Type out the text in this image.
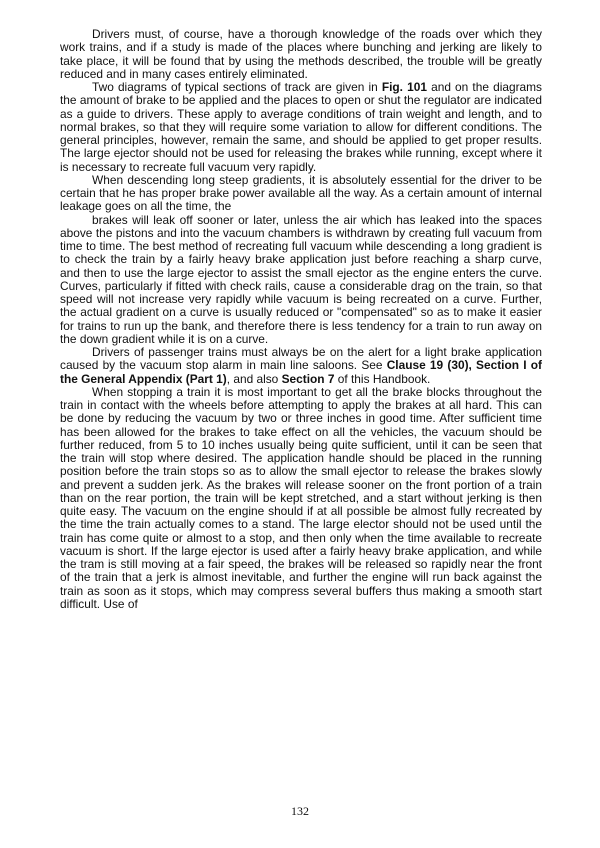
Drivers must, of course, have a thorough knowledge of the roads over which they work trains, and if a study is made of the places where bunching and jerking are likely to take place, it will be found that by using the methods described, the trouble will be greatly reduced and in many cases entirely eliminated.

Two diagrams of typical sections of track are given in Fig. 101 and on the diagrams the amount of brake to be applied and the places to open or shut the regulator are indicated as a guide to drivers. These apply to average conditions of train weight and length, and to normal brakes, so that they will require some variation to allow for different conditions. The general principles, however, remain the same, and should be applied to get proper results. The large ejector should not be used for releasing the brakes while running, except where it is necessary to recreate full vacuum very rapidly.

When descending long steep gradients, it is absolutely essential for the driver to be certain that he has proper brake power available all the way. As a certain amount of internal leakage goes on all the time, the

brakes will leak off sooner or later, unless the air which has leaked into the spaces above the pistons and into the vacuum chambers is withdrawn by creating full vacuum from time to time. The best method of recreating full vacuum while descending a long gradient is to check the train by a fairly heavy brake application just before reaching a sharp curve, and then to use the large ejector to assist the small ejector as the engine enters the curve. Curves, particularly if fitted with check rails, cause a considerable drag on the train, so that speed will not increase very rapidly while vacuum is being recreated on a curve. Further, the actual gradient on a curve is usually reduced or "compensated" so as to make it easier for trains to run up the bank, and therefore there is less tendency for a train to run away on the down gradient while it is on a curve.

Drivers of passenger trains must always be on the alert for a light brake application caused by the vacuum stop alarm in main line saloons. See Clause 19 (30), Section I of the General Appendix (Part 1), and also Section 7 of this Handbook.

When stopping a train it is most important to get all the brake blocks throughout the train in contact with the wheels before attempting to apply the brakes at all hard. This can be done by reducing the vacuum by two or three inches in good time. After sufficient time has been allowed for the brakes to take effect on all the vehicles, the vacuum should be further reduced, from 5 to 10 inches usually being quite sufficient, until it can be seen that the train will stop where desired. The application handle should be placed in the running position before the train stops so as to allow the small ejector to release the brakes slowly and prevent a sudden jerk. As the brakes will release sooner on the front portion of a train than on the rear portion, the train will be kept stretched, and a start without jerking is then quite easy. The vacuum on the engine should if at all possible be almost fully recreated by the time the train actually comes to a stand. The large elector should not be used until the train has come quite or almost to a stop, and then only when the time available to recreate vacuum is short. If the large ejector is used after a fairly heavy brake application, and while the tram is still moving at a fair speed, the brakes will be released so rapidly near the front of the train that a jerk is almost inevitable, and further the engine will run back against the train as soon as it stops, which may compress several buffers thus making a smooth start difficult. Use of

132
